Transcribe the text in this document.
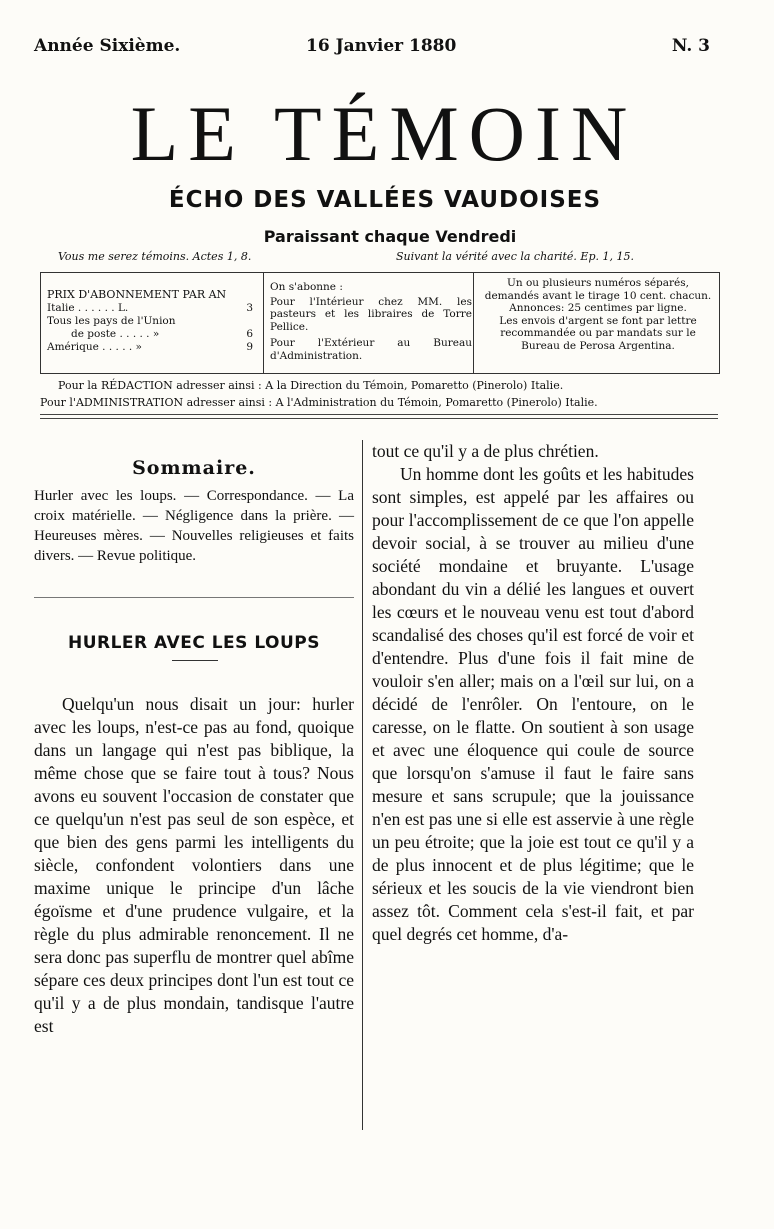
Année Sixième.	16 Janvier 1880	N. 3
LE TÉMOIN
ÉCHO DES VALLÉES VAUDOISES
Paraissant chaque Vendredi
Vous me serez témoins. Actes 1, 8.	Suivant la vérité avec la charité. Ep. 1, 15.
PRIX D'ABONNEMENT PAR AN
Italie . . . . . . L.	3
Tous les pays de l'Union
de poste . . . . . »	6
Amérique . . . . . »	9
On s'abonne :
Pour l'Intérieur chez MM. les pasteurs et les libraires de Torre Pellice.
Pour l'Extérieur au Bureau d'Administration.
Un ou plusieurs numéros séparés, demandés avant le tirage 10 cent. chacun.
Annonces: 25 centimes par ligne.
Les envois d'argent se font par lettre recommandée ou par mandats sur le Bureau de Perosa Argentina.
Pour la RÉDACTION adresser ainsi : A la Direction du Témoin, Pomaretto (Pinerolo) Italie.
Pour l'ADMINISTRATION adresser ainsi : A l'Administration du Témoin, Pomaretto (Pinerolo) Italie.
Sommaire.
Hurler avec les loups. — Correspondance. — La croix matérielle. — Négligence dans la prière. — Heureuses mères. — Nouvelles religieuses et faits divers. — Revue politique.
HURLER AVEC LES LOUPS

Quelqu'un nous disait un jour: hurler avec les loups, n'est-ce pas au fond, quoique dans un langage qui n'est pas biblique, la même chose que se faire tout à tous? Nous avons eu souvent l'occasion de constater que ce quelqu'un n'est pas seul de son espèce, et que bien des gens parmi les intelligents du siècle, confondent volontiers dans une maxime unique le principe d'un lâche égoïsme et d'une prudence vulgaire, et la règle du plus admirable renoncement. Il ne sera donc pas superflu de montrer quel abîme sépare ces deux principes dont l'un est tout ce qu'il y a de plus mondain, tandisque l'autre est

tout ce qu'il y a de plus chrétien.

Un homme dont les goûts et les habitudes sont simples, est appelé par les affaires ou pour l'accomplissement de ce que l'on appelle devoir social, à se trouver au milieu d'une société mondaine et bruyante. L'usage abondant du vin a délié les langues et ouvert les cœurs et le nouveau venu est tout d'abord scandalisé des choses qu'il est forcé de voir et d'entendre. Plus d'une fois il fait mine de vouloir s'en aller; mais on a l'œil sur lui, on a décidé de l'enrôler. On l'entoure, on le caresse, on le flatte. On soutient à son usage et avec une éloquence qui coule de source que lorsqu'on s'amuse il faut le faire sans mesure et sans scrupule; que la jouissance n'en est pas une si elle est asservie à une règle un peu étroite; que la joie est tout ce qu'il y a de plus innocent et de plus légitime; que le sérieux et les soucis de la vie viendront bien assez tôt. Comment cela s'est-il fait, et par quel degrés cet homme, d'a-
